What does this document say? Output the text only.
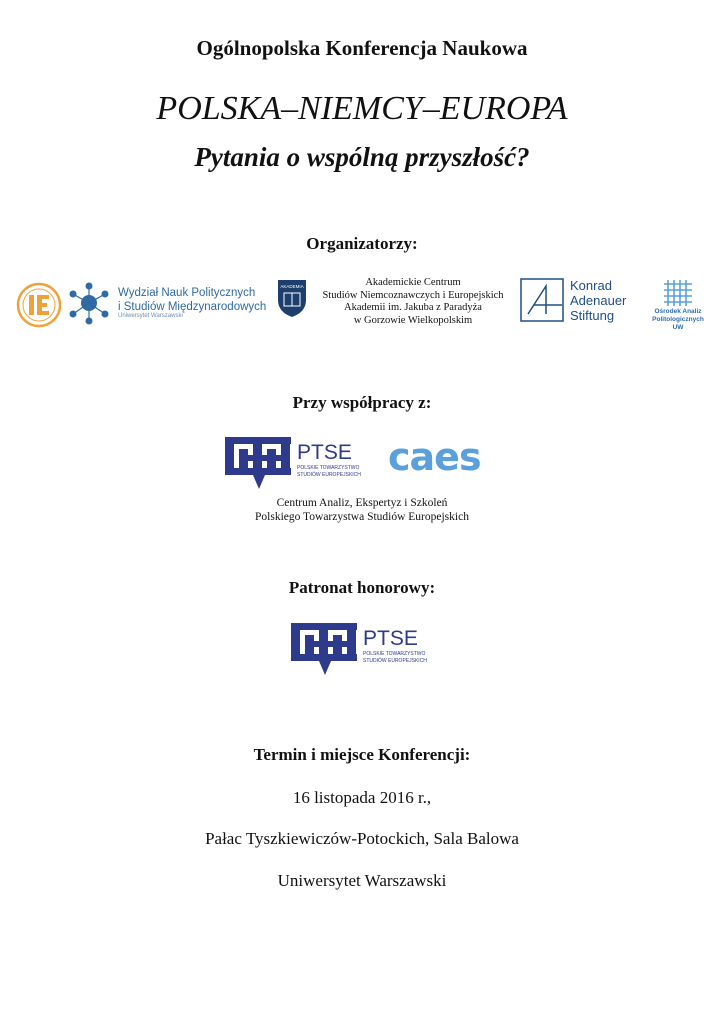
Ogólnopolska Konferencja Naukowa
POLSKA–NIEMCY–EUROPA
Pytania o wspólną przyszłość?
Organizatorzy:
Wydział Nauk Politycznych
i Studiów Międzynarodowych
Uniwersytet Warszawski
AKADEMIA	Akademickie Centrum
Studiów Niemcoznawczych i Europejskich
Akademii im. Jakuba z Paradyża
w Gorzowie Wielkopolskim
Konrad
Adenauer
Stiftung	Ośrodek Analiz
Politologicznych UW
Przy współpracy z:
PTSE
POLSKIE TOWARZYSTWO
STUDIÓW EUROPEJSKICH caes
Centrum Analiz, Ekspertyz i Szkoleń
Polskiego Towarzystwa Studiów Europejskich
Patronat honorowy:
PTSE
POLSKIE TOWARZYSTWO
STUDIÓW EUROPEJSKICH
Termin i miejsce Konferencji:
16 listopada 2016 r.,
Pałac Tyszkiewiczów-Potockich, Sala Balowa
Uniwersytet Warszawski
